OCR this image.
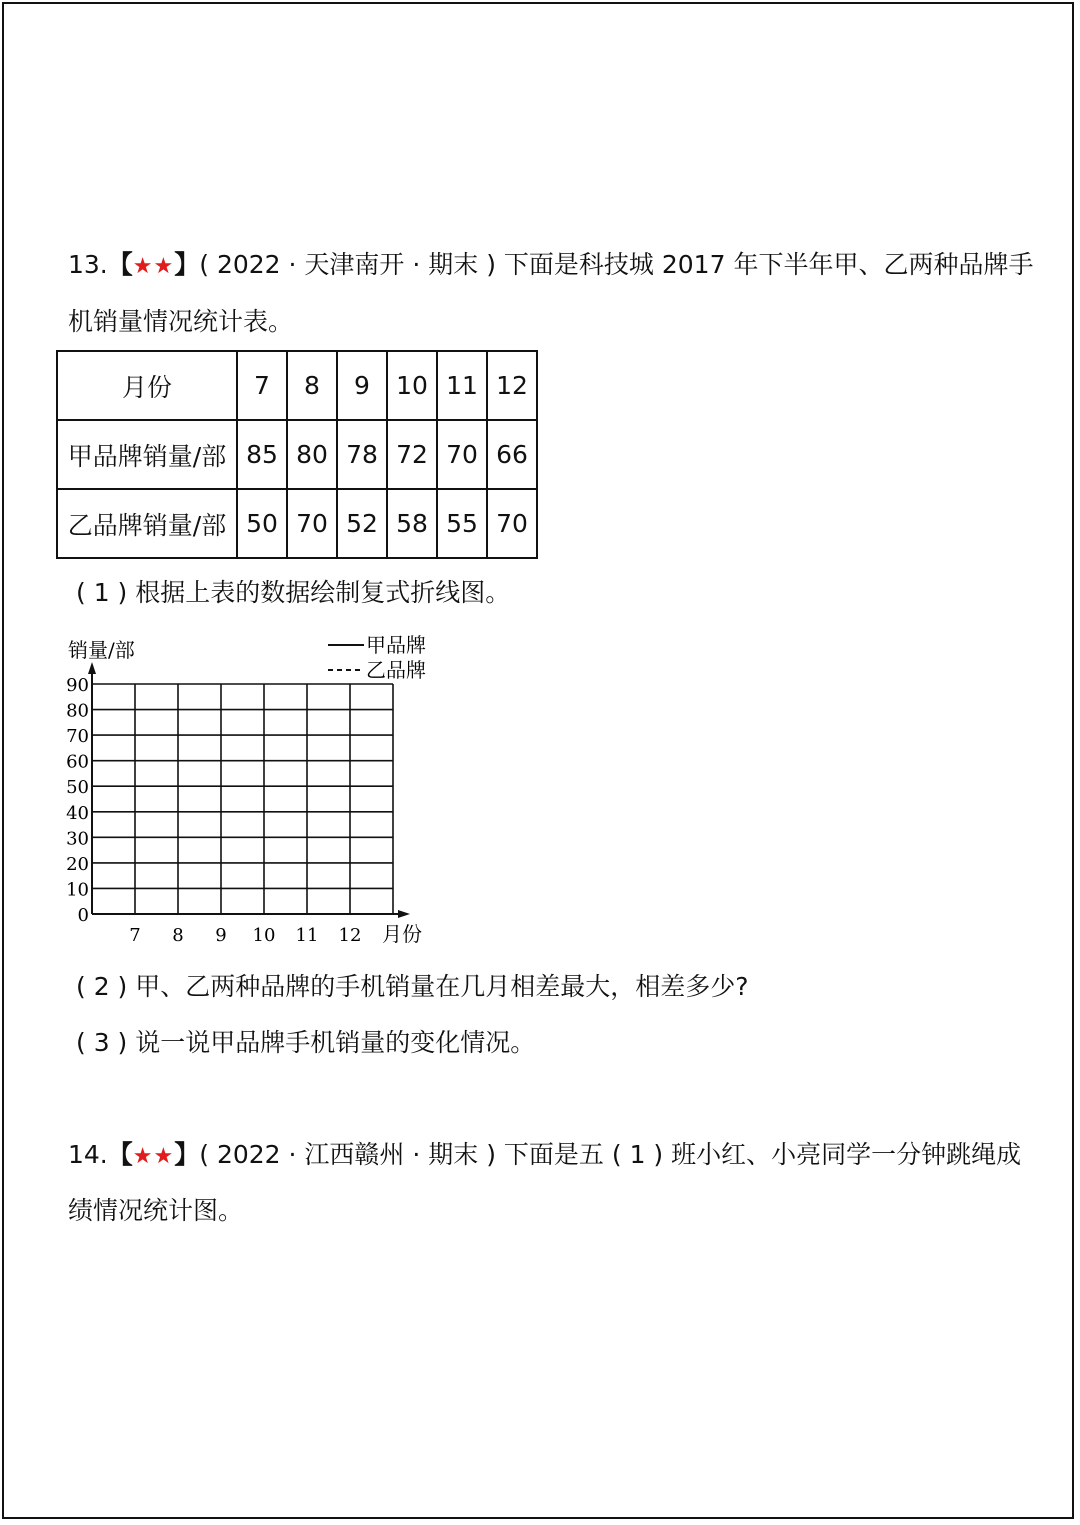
13.【★★】( 2022 · 天津南开 · 期末 ) 下面是科技城 2017 年下半年甲、乙两种品牌手
机销量情况统计表。
月份	7	8	9	10	11	12
甲品牌销量/部	85	80	78	72	70	66
乙品牌销量/部	50	70	52	58	55	70
( 1 ) 根据上表的数据绘制复式折线图。
0
10
20
30
40
50
60
70
80
90
7 8 9 10 11 12
销量/部
月份
甲品牌
乙品牌
( 2 ) 甲、乙两种品牌的手机销量在几月相差最大，相差多少?
( 3 ) 说一说甲品牌手机销量的变化情况。
14.【★★】( 2022 · 江西赣州 · 期末 ) 下面是五 ( 1 ) 班小红、小亮同学一分钟跳绳成
绩情况统计图。
